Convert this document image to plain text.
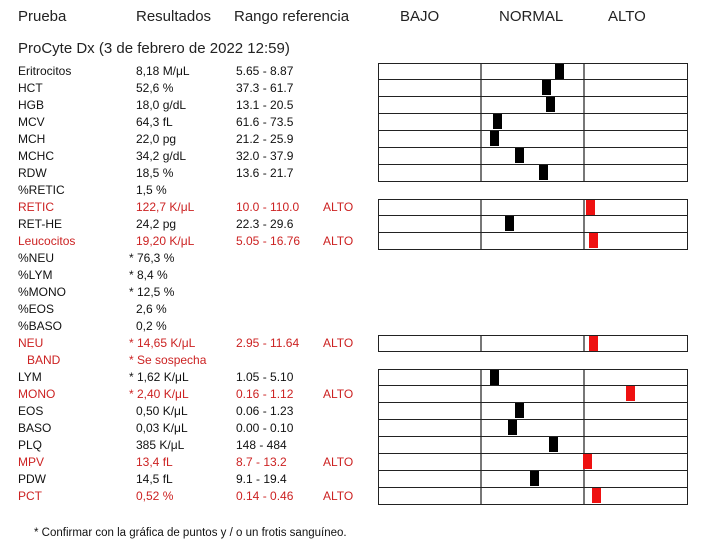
Prueba	Resultados Rango referencia	BAJO	NORMAL	ALTO
ProCyte Dx (3 de febrero de 2022 12:59)
Eritrocitos	8,18 M/μL	5.65 - 8.87
HCT	52,6 %	37.3 - 61.7
HGB	18,0 g/dL	13.1 - 20.5
MCV	64,3 fL	61.6 - 73.5
MCH	22,0 pg	21.2 - 25.9
MCHC	34,2 g/dL	32.0 - 37.9
RDW	18,5 %	13.6 - 21.7
%RETIC	1,5 %
RETIC	122,7 K/μL	10.0 - 110.0 ALTO
RET-HE	24,2 pg	22.3 - 29.6
Leucocitos	19,20 K/μL	5.05 - 16.76 ALTO
%NEU	* 76,3 %
%LYM	* 8,4 %
%MONO	* 12,5 %
%EOS	2,6 %
%BASO	0,2 %
NEU	* 14,65 K/μL	2.95 - 11.64 ALTO
BAND	* Se sospecha
LYM	* 1,62 K/μL	1.05 - 5.10
MONO	* 2,40 K/μL	0.16 - 1.12 ALTO
EOS	0,50 K/μL	0.06 - 1.23
BASO	0,03 K/μL	0.00 - 0.10
PLQ	385 K/μL	148 - 484
MPV	13,4 fL	8.7 - 13.2	ALTO
PDW	14,5 fL	9.1 - 19.4
PCT	0,52 %	0.14 - 0.46 ALTO
* Confirmar con la gráfica de puntos y / o un frotis sanguíneo.
